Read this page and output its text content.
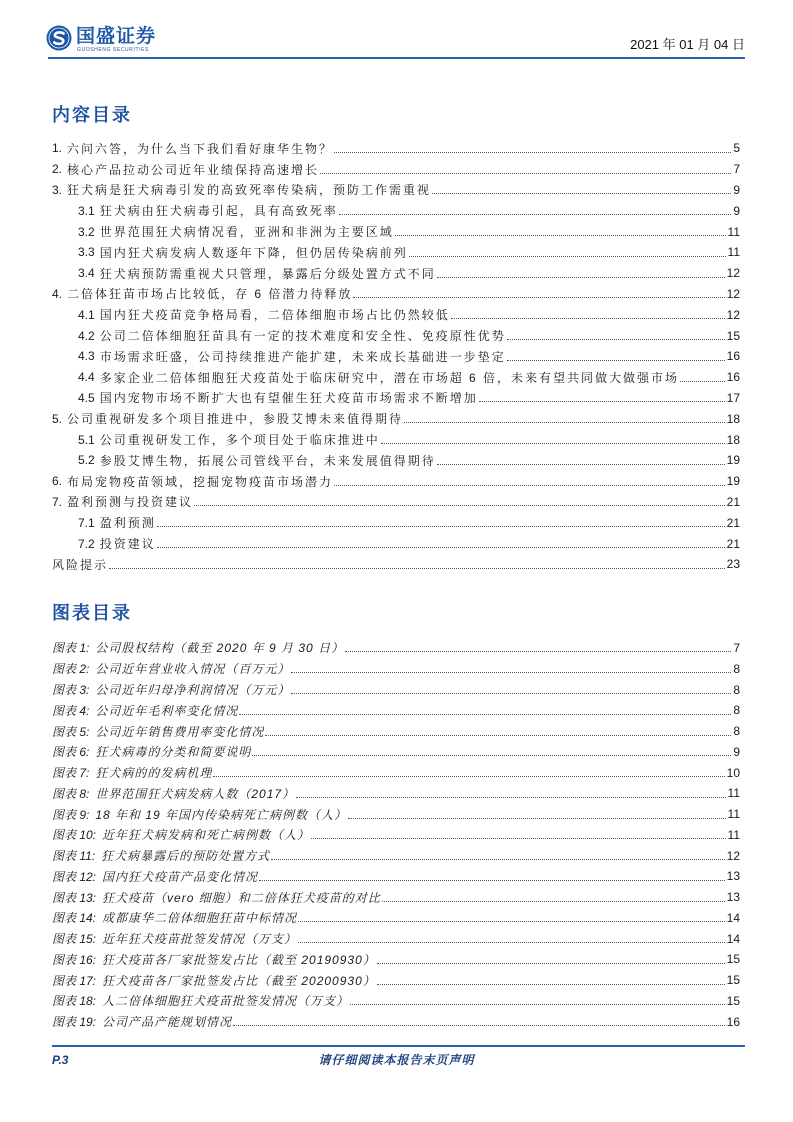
国盛证券
GUOSHENG SECURITIES	2021 年 01 月 04 日
内容目录
1. 六问六答，为什么当下我们看好康华生物？	5
2. 核心产品拉动公司近年业绩保持高速增长	7
3. 狂犬病是狂犬病毒引发的高致死率传染病，预防工作需重视	9
3.1 狂犬病由狂犬病毒引起，具有高致死率	9
3.2 世界范围狂犬病情况看，亚洲和非洲为主要区域	11
3.3 国内狂犬病发病人数逐年下降，但仍居传染病前列	11
3.4 狂犬病预防需重视犬只管理，暴露后分级处置方式不同	12
4. 二倍体狂苗市场占比较低，存 6 倍潜力待释放	12
4.1 国内狂犬疫苗竞争格局看，二倍体细胞市场占比仍然较低	12
4.2 公司二倍体细胞狂苗具有一定的技术难度和安全性、免疫原性优势	15
4.3 市场需求旺盛，公司持续推进产能扩建，未来成长基础进一步垫定	16
4.4 多家企业二倍体细胞狂犬疫苗处于临床研究中，潜在市场超 6 倍，未来有望共同做大做强市场	16
4.5 国内宠物市场不断扩大也有望催生狂犬疫苗市场需求不断增加	17
5. 公司重视研发多个项目推进中，参股艾博未来值得期待	18
5.1 公司重视研发工作，多个项目处于临床推进中	18
5.2 参股艾博生物，拓展公司管线平台，未来发展值得期待	19
6. 布局宠物疫苗领域，挖掘宠物疫苗市场潜力	19
7. 盈利预测与投资建议	21
7.1 盈利预测	21
7.2 投资建议	21
风险提示	23
图表目录
图表 1: 公司股权结构（截至 2020 年 9 月 30 日）	7
图表 2: 公司近年营业收入情况（百万元）	8
图表 3: 公司近年归母净利润情况（万元）	8
图表 4: 公司近年毛利率变化情况	8
图表 5: 公司近年销售费用率变化情况	8
图表 6: 狂犬病毒的分类和简要说明	9
图表 7: 狂犬病的的发病机理	10
图表 8: 世界范围狂犬病发病人数（2017）	11
图表 9: 18 年和 19 年国内传染病死亡病例数（人）	11
图表 10: 近年狂犬病发病和死亡病例数（人）	11
图表 11: 狂犬病暴露后的预防处置方式	12
图表 12: 国内狂犬疫苗产品变化情况	13
图表 13: 狂犬疫苗（vero 细胞）和二倍体狂犬疫苗的对比	13
图表 14: 成都康华二倍体细胞狂苗中标情况	14
图表 15: 近年狂犬疫苗批签发情况（万支）	14
图表 16: 狂犬疫苗各厂家批签发占比（截至 20190930）	15
图表 17: 狂犬疫苗各厂家批签发占比（截至 20200930）	15
图表 18: 人二倍体细胞狂犬疫苗批签发情况（万支）	15
图表 19: 公司产品产能规划情况	16
P.3	请仔细阅读本报告末页声明
